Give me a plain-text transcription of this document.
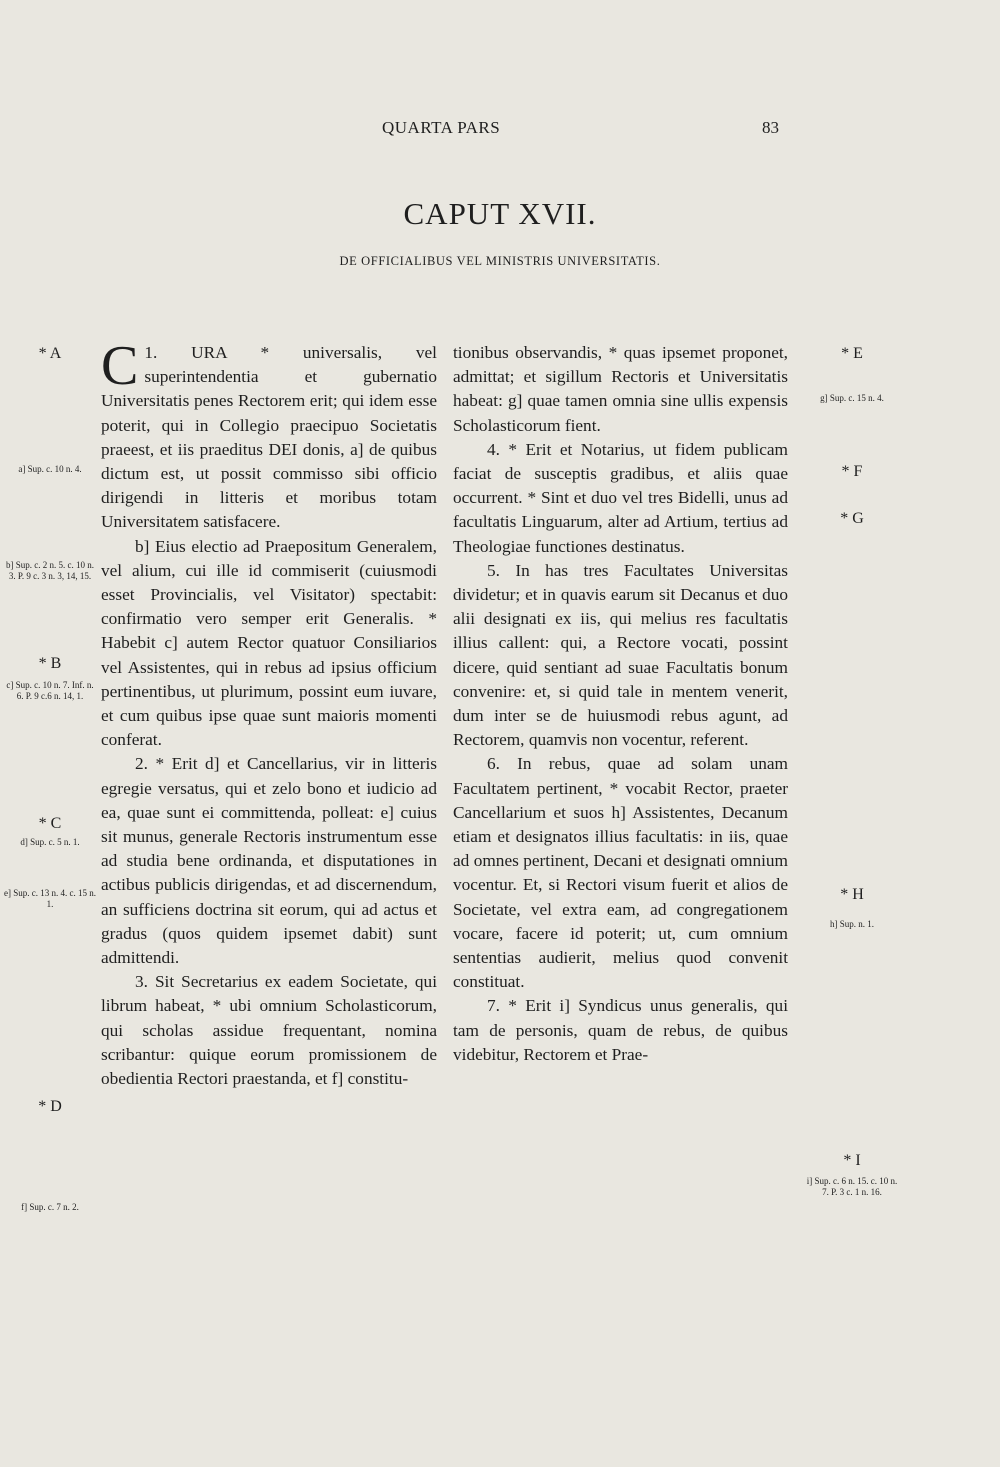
QUARTA PARS	83
CAPUT XVII.
DE OFFICIALIBUS VEL MINISTRIS UNIVERSITATIS.

C 1. URA * universalis, vel superintendentia et gubernatio Universitatis penes Rectorem erit; qui idem esse poterit, qui in Collegio praecipuo Societatis praeest, et iis praeditus DEI donis, a] de quibus dictum est, ut possit commisso sibi officio dirigendi in litteris et moribus totam Universitatem satisfacere.

b] Eius electio ad Praepositum Generalem, vel alium, cui ille id commiserit (cuiusmodi esset Provincialis, vel Visitator) spectabit: confirmatio vero semper erit Generalis. * Habebit c] autem Rector quatuor Consiliarios vel Assistentes, qui in rebus ad ipsius officium pertinentibus, ut plurimum, possint eum iuvare, et cum quibus ipse quae sunt maioris momenti conferat.

2. * Erit d] et Cancellarius, vir in litteris egregie versatus, qui et zelo bono et iudicio ad ea, quae sunt ei committenda, polleat: e] cuius sit munus, generale Rectoris instrumentum esse ad studia bene ordinanda, et disputationes in actibus publicis dirigendas, et ad discernendum, an sufficiens doctrina sit eorum, qui ad actus et gradus (quos quidem ipsemet dabit) sunt admittendi.

3. Sit Secretarius ex eadem Societate, qui librum habeat, * ubi omnium Scholasticorum, qui scholas assidue frequentant, nomina scribantur: quique eorum promissionem de obedientia Rectori praestanda, et f] constitu-

tionibus observandis, * quas ipsemet proponet, admittat; et sigillum Rectoris et Universitatis habeat: g] quae tamen omnia sine ullis expensis Scholasticorum fient.

4. * Erit et Notarius, ut fidem publicam faciat de susceptis gradibus, et aliis quae occurrent. * Sint et duo vel tres Bidelli, unus ad facultatis Linguarum, alter ad Artium, tertius ad Theologiae functiones destinatus.

5. In has tres Facultates Universitas dividetur; et in quavis earum sit Decanus et duo alii designati ex iis, qui melius res facultatis illius callent: qui, a Rectore vocati, possint dicere, quid sentiant ad suae Facultatis bonum convenire: et, si quid tale in mentem venerit, dum inter se de huiusmodi rebus agunt, ad Rectorem, quamvis non vocentur, referent.

6. In rebus, quae ad solam unam Facultatem pertinent, * vocabit Rector, praeter Cancellarium et suos h] Assistentes, Decanum etiam et designatos illius facultatis: in iis, quae ad omnes pertinent, Decani et designati omnium vocentur. Et, si Rectori visum fuerit et alios de Societate, vel extra eam, ad congregationem vocare, facere id poterit; ut, cum omnium sententias audierit, melius quod convenit constituat.

7. * Erit i] Syndicus unus generalis, qui tam de personis, quam de rebus, de quibus videbitur, Rectorem et Prae-

* A
a] Sup. c. 10 n. 4.
b] Sup. c. 2 n. 5. c. 10 n. 3. P. 9 c. 3 n. 3, 14, 15.
* B
c] Sup. c. 10 n. 7. Inf. n. 6. P. 9 c.6 n. 14, 1.
* C
d] Sup. c. 5 n. 1.
e] Sup. c. 13 n. 4. c. 15 n. 1.
* D
f] Sup. c. 7 n. 2.
* E
g] Sup. c. 15 n. 4.
* F
* G
* H
h] Sup. n. 1.
* I
i] Sup. c. 6 n. 15. c. 10 n. 7. P. 3 c. 1 n. 16.
